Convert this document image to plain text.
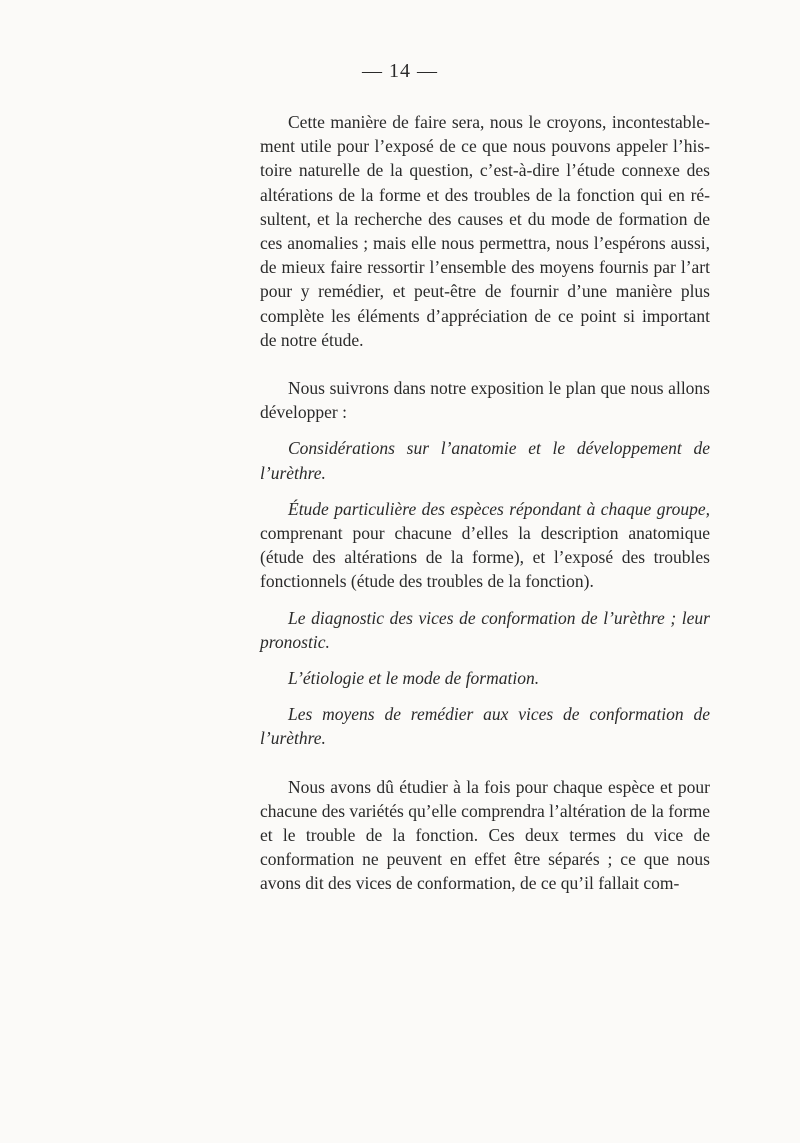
— 14 —

Cette manière de faire sera, nous le croyons, incontestablement utile pour l’exposé de ce que nous pouvons appeler l’histoire naturelle de la question, c’est-à-dire l’étude connexe des altérations de la forme et des troubles de la fonction qui en résultent, et la recherche des causes et du mode de formation de ces anomalies ; mais elle nous permettra, nous l’espérons aussi, de mieux faire ressortir l’ensemble des moyens fournis par l’art pour y remédier, et peut-être de fournir d’une manière plus complète les éléments d’appréciation de ce point si important de notre étude.

Nous suivrons dans notre exposition le plan que nous allons développer :

Considérations sur l’anatomie et le développement de l’urèthre.

Étude particulière des espèces répondant à chaque groupe, comprenant pour chacune d’elles la description anatomique (étude des altérations de la forme), et l’exposé des troubles fonctionnels (étude des troubles de la fonction).

Le diagnostic des vices de conformation de l’urèthre ; leur pronostic.

L’étiologie et le mode de formation.

Les moyens de remédier aux vices de conformation de l’urèthre.

Nous avons dû étudier à la fois pour chaque espèce et pour chacune des variétés qu’elle comprendra l’altération de la forme et le trouble de la fonction. Ces deux termes du vice de conformation ne peuvent en effet être séparés ; ce que nous avons dit des vices de conformation, de ce qu’il fallait com-
